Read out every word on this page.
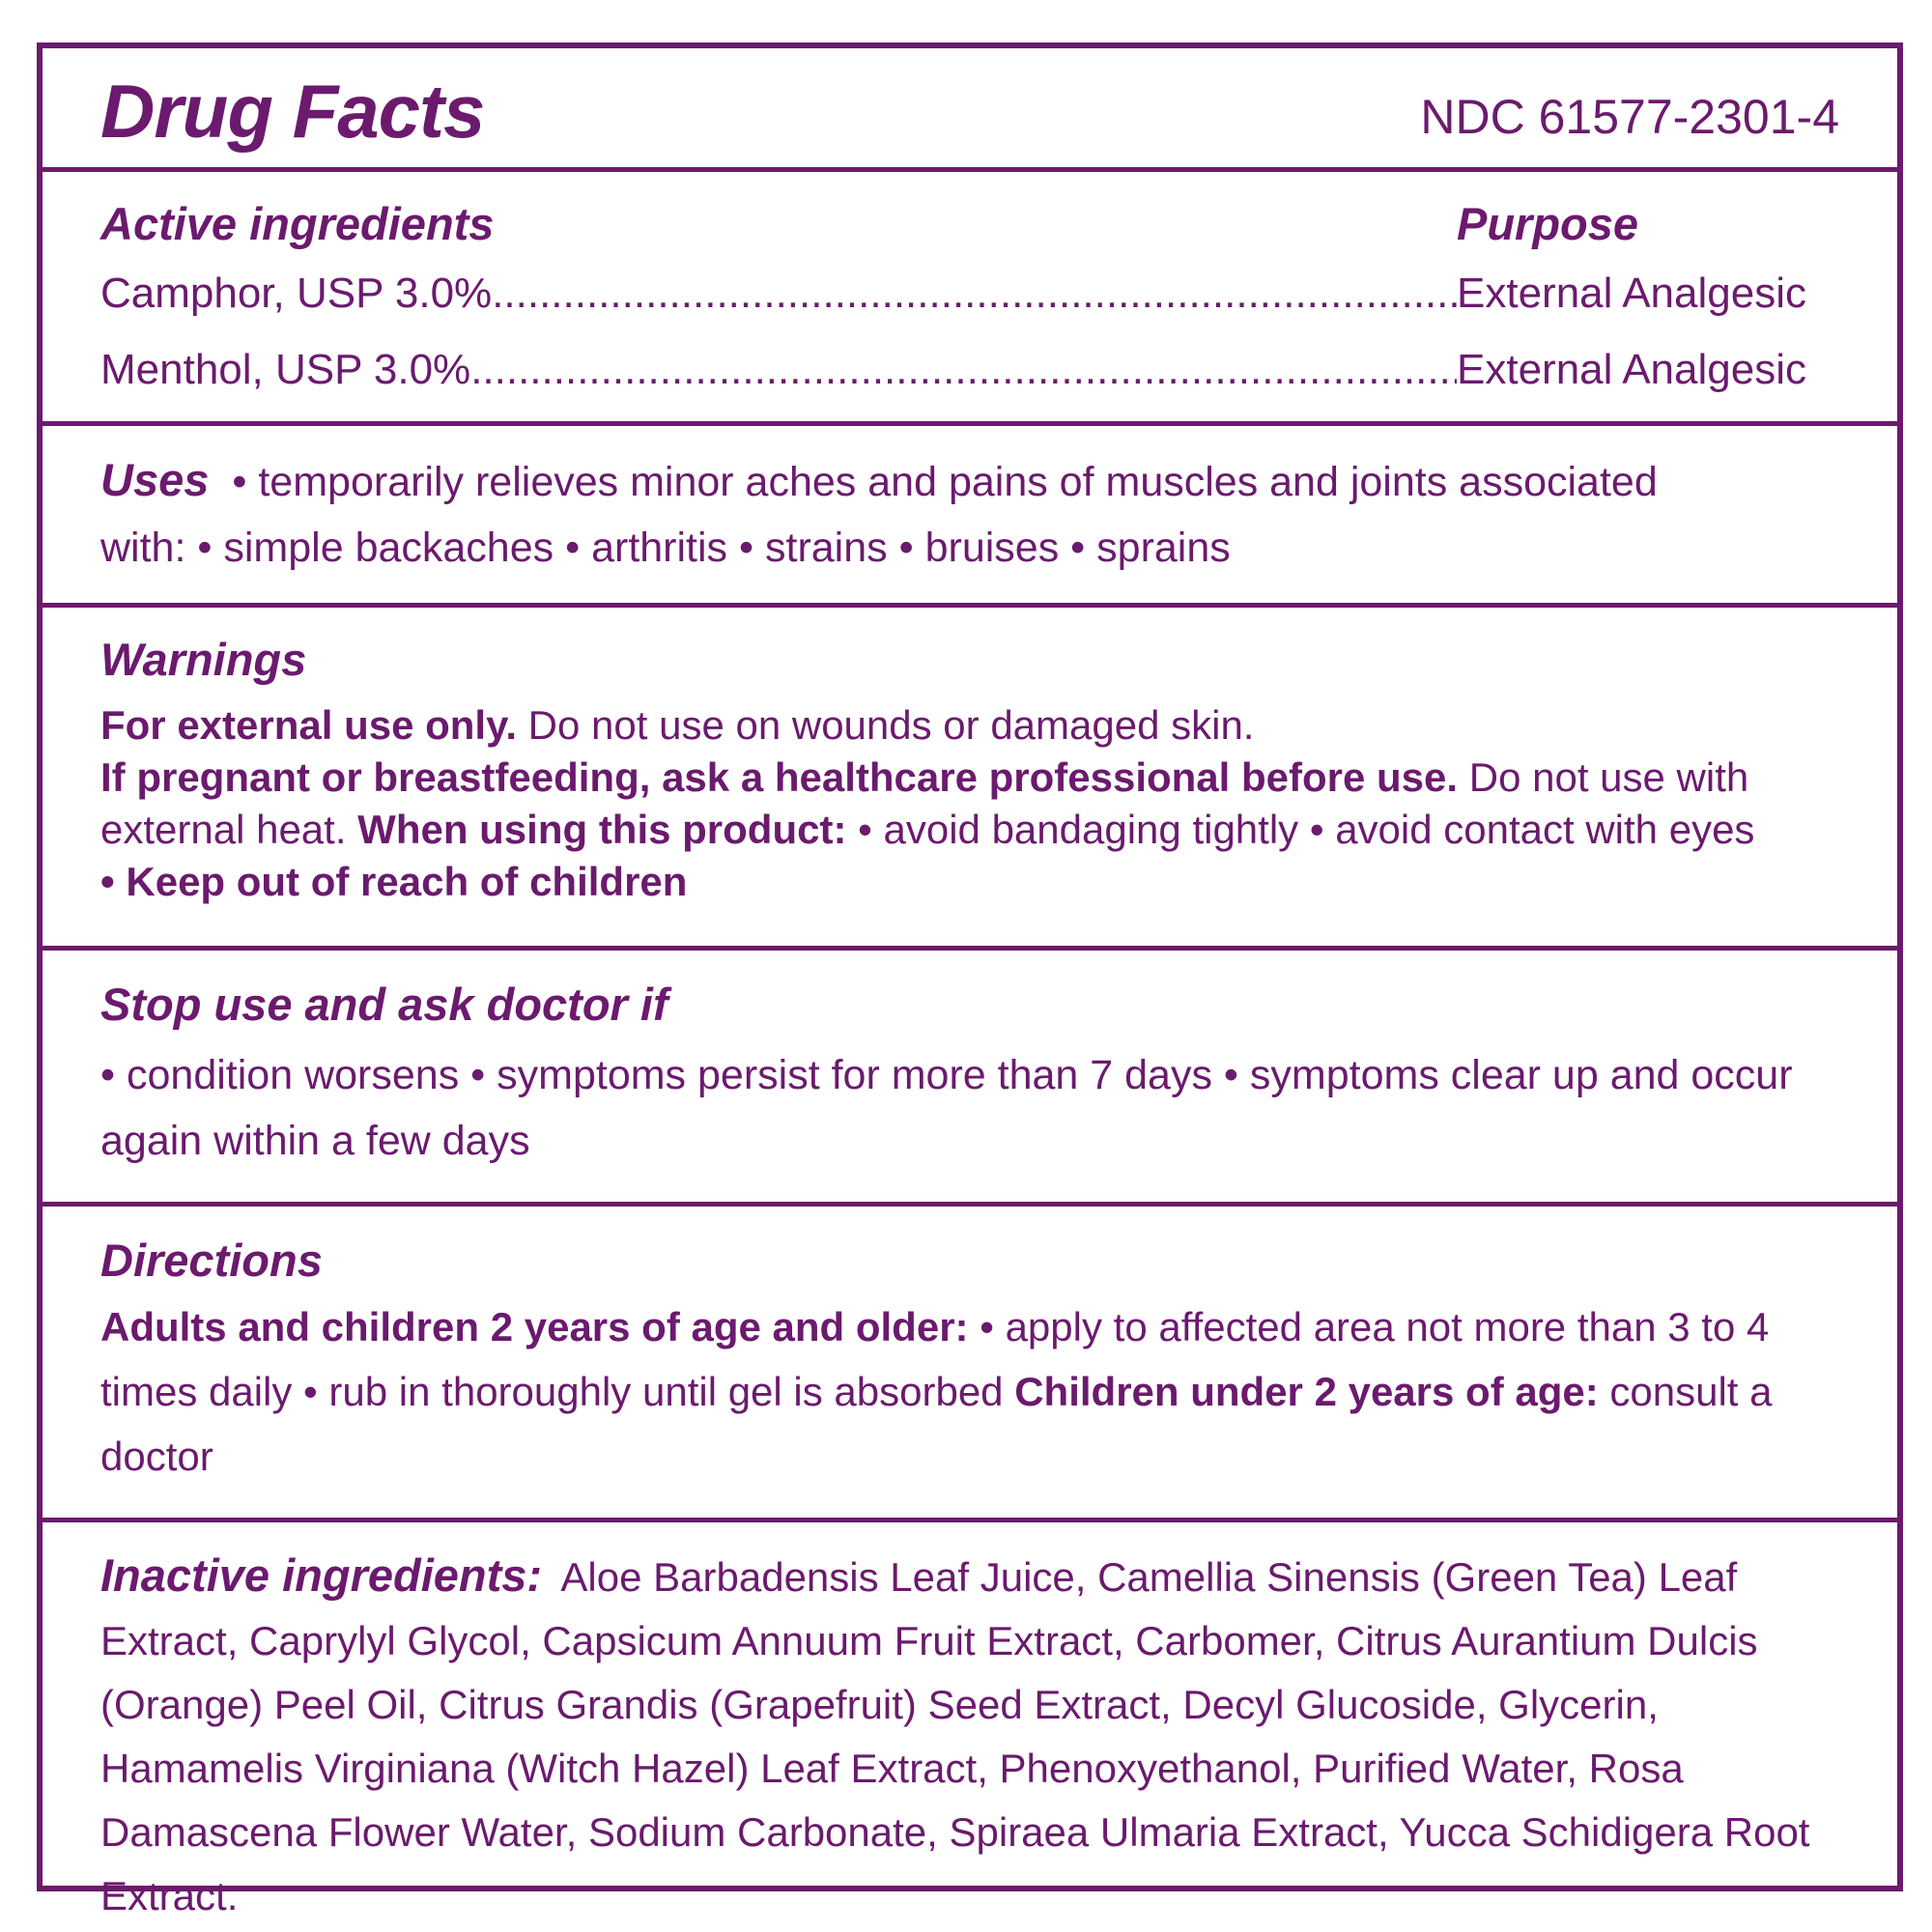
Drug Facts	NDC 61577-2301-4
Active ingredients	Purpose
Camphor, USP 3.0% .....	External Analgesic
Menthol, USP 3.0% .....	External Analgesic
Uses • temporarily relieves minor aches and pains of muscles and joints associated
with: • simple backaches • arthritis • strains • bruises • sprains
Warnings
For external use only. Do not use on wounds or damaged skin.
If pregnant or breastfeeding, ask a healthcare professional before use. Do not use with external heat. When using this product: • avoid bandaging tightly • avoid contact with eyes
• Keep out of reach of children
Stop use and ask doctor if
• condition worsens • symptoms persist for more than 7 days • symptoms clear up and occur again within a few days
Directions
Adults and children 2 years of age and older: • apply to affected area not more than 3 to 4 times daily • rub in thoroughly until gel is absorbed Children under 2 years of age: consult a doctor
Inactive ingredients: Aloe Barbadensis Leaf Juice, Camellia Sinensis (Green Tea) Leaf Extract, Caprylyl Glycol, Capsicum Annuum Fruit Extract, Carbomer, Citrus Aurantium Dulcis (Orange) Peel Oil, Citrus Grandis (Grapefruit) Seed Extract, Decyl Glucoside, Glycerin, Hamamelis Virginiana (Witch Hazel) Leaf Extract, Phenoxyethanol, Purified Water, Rosa Damascena Flower Water, Sodium Carbonate, Spiraea Ulmaria Extract, Yucca Schidigera Root Extract.
